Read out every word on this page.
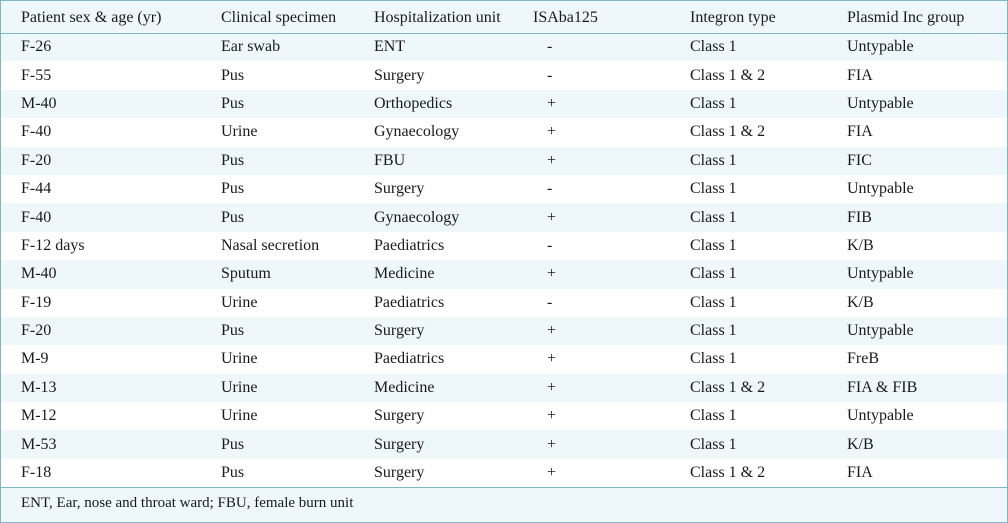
Patient sex & age (yr)	Clinical specimen	Hospitalization unit	ISAba125	Integron type	Plasmid Inc group
F-26	Ear swab	ENT	-	Class 1	Untypable
F-55	Pus	Surgery	-	Class 1 & 2	FIA
M-40	Pus	Orthopedics	+	Class 1	Untypable
F-40	Urine	Gynaecology	+	Class 1 & 2	FIA
F-20	Pus	FBU	+	Class 1	FIC
F-44	Pus	Surgery	-	Class 1	Untypable
F-40	Pus	Gynaecology	+	Class 1	FIB
F-12 days	Nasal secretion	Paediatrics	-	Class 1	K/B
M-40	Sputum	Medicine	+	Class 1	Untypable
F-19	Urine	Paediatrics	-	Class 1	K/B
F-20	Pus	Surgery	+	Class 1	Untypable
M-9	Urine	Paediatrics	+	Class 1	FreB
M-13	Urine	Medicine	+	Class 1 & 2	FIA & FIB
M-12	Urine	Surgery	+	Class 1	Untypable
M-53	Pus	Surgery	+	Class 1	K/B
F-18	Pus	Surgery	+	Class 1 & 2	FIA
ENT, Ear, nose and throat ward; FBU, female burn unit
